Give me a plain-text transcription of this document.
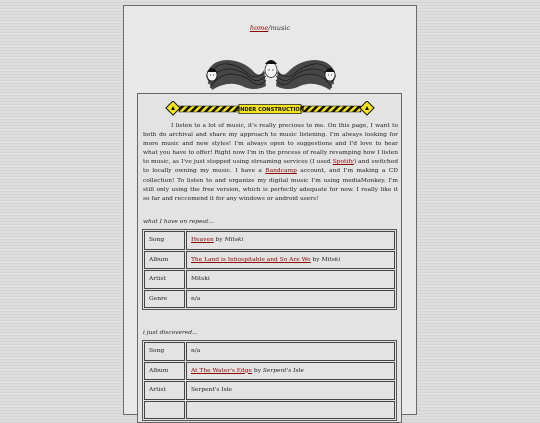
home/music
UNDER CONSTRUCTION

I listen to a lot of music, it's really precious to me. On this page, I want to both do archival and share my approach to music listening. I'm always looking for more music and new styles! I'm always open to suggestions and I'd love to hear what you have to offer! Right now I'm in the process of really revamping how I listen to music, as I've just stopped using streaming services (I used Spotify) and switched to locally owning my music. I have a Bandcamp account, and I'm making a CD collection! To listen to and organize my digital music I'm using mediaMonkey. I'm still only using the free version, which is perfectly adequate for now. I really like it so far and reccomend it for any windows or android users!

what I have on repeat...
Song	Heaven by Mitski
Album	The Land is Inhospitable and So Are We by Mitski
Artist	Mitski
Genre	n/a
i just discovered...
Song	n/a
Album	At The Water's Edge by Serpent's Isle
Artist	Serpent's Isle
